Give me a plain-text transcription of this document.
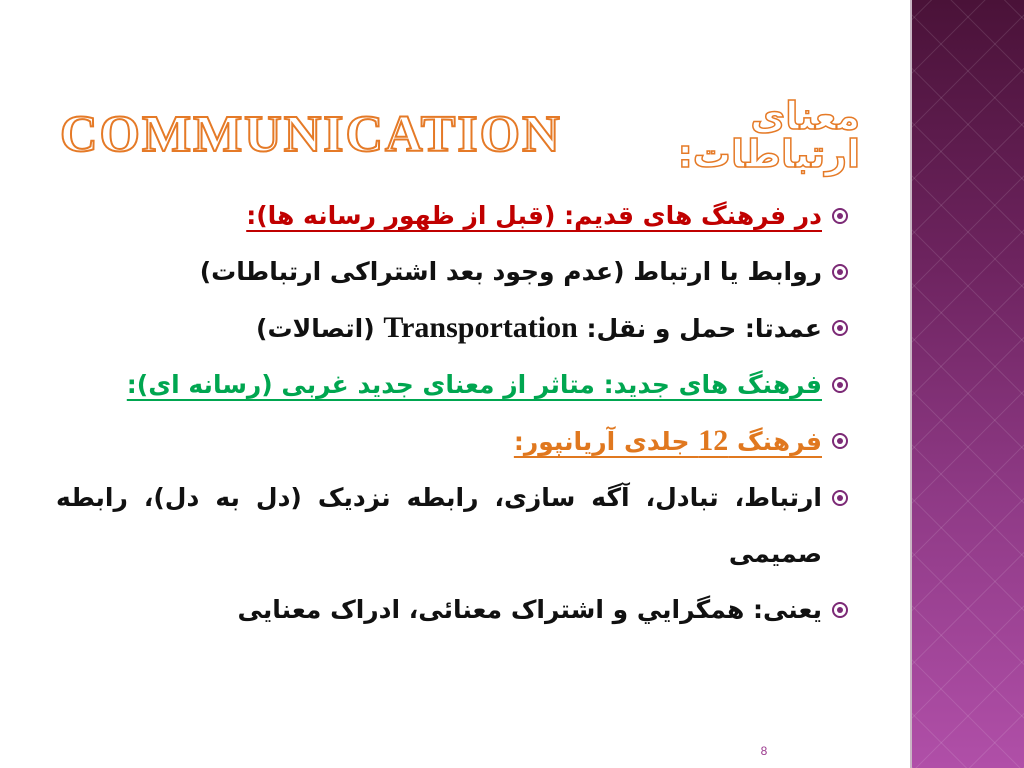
COMMUNICATION	معنای ارتباطات:

در فرهنگ های قدیم: (قبل از ظهور رسانه ها):

روابط یا ارتباط (عدم وجود بعد اشتراکی ارتباطات)

عمدتا: حمل و نقل: Transportation (اتصالات)

فرهنگ های جدید: متاثر از معنای جدید غربی (رسانه ای):

فرهنگ 12 جلدی آریانپور:

ارتباط، تبادل، آگه سازی، رابطه نزدیک (دل به دل)، رابطه صمیمی

یعنی: همگرايي و اشتراک معنائی، ادراک معنایی

8
